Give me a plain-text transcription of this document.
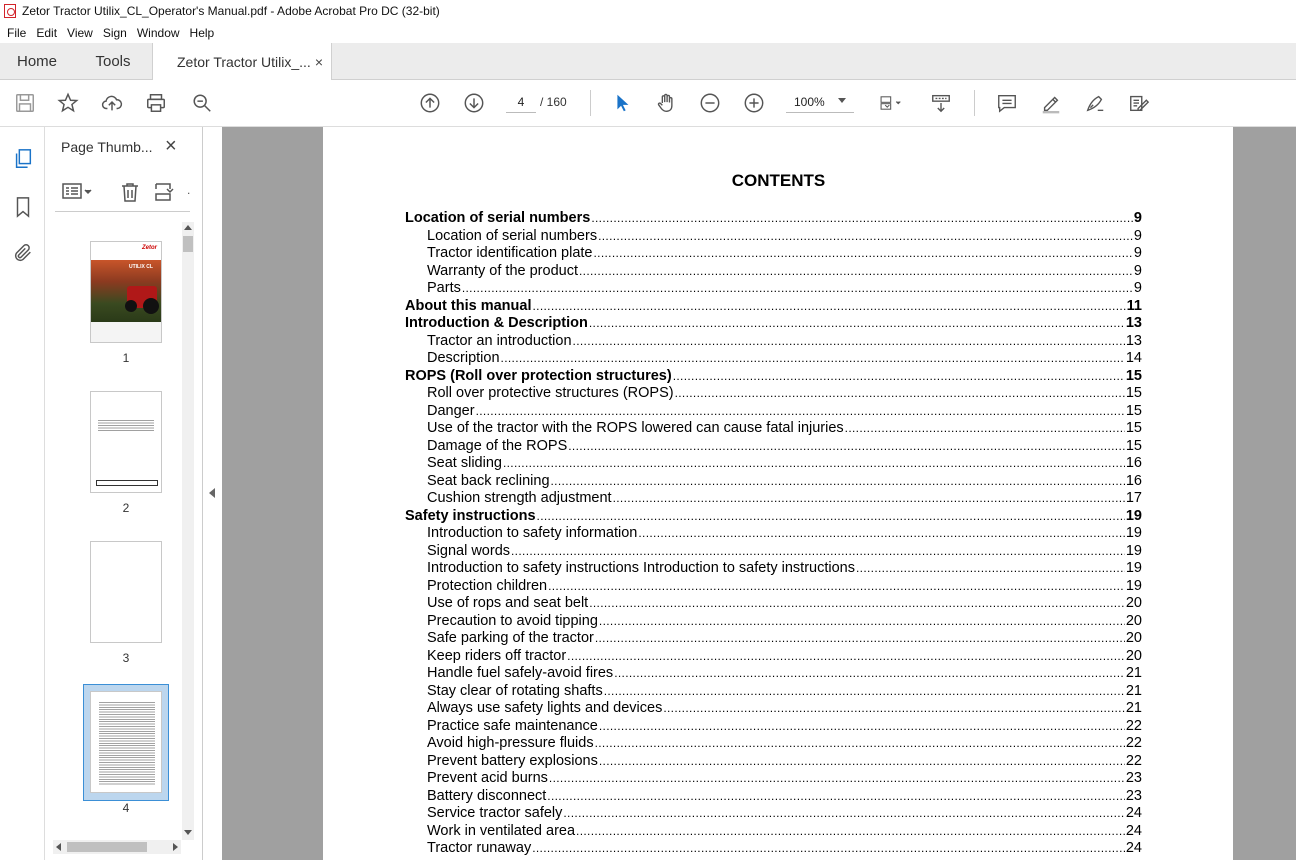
Zetor Tractor Utilix_CL_Operator's Manual.pdf - Adobe Acrobat Pro DC (32-bit)
File Edit View Sign Window Help
Home	Tools	Zetor Tractor Utilix_... ×
4	/ 160	100%
Page Thumb... ×
.
Zetor
UTILIX CL
1
2
3
4
CONTENTS
Location of serial numbers . . .	9
Location of serial numbers . . .	9
Tractor identification plate . . .	9
Warranty of the product . . .	9
Parts . . .	9
About this manual . . .	11
Introduction & Description . . .	13
Tractor an introduction . . .	13
Description . . .	14
ROPS (Roll over protection structures) . . .	15
Roll over protective structures (ROPS) . . .	15
Danger . . .	15
Use of the tractor with the ROPS lowered can cause fatal injuries . . .	15
Damage of the ROPS . . .	15
Seat sliding . . .	16
Seat back reclining . . .	16
Cushion strength adjustment . . .	17
Safety instructions . . .	19
Introduction to safety information . . .	19
Signal words . . .	19
Introduction to safety instructions Introduction to safety instructions . . .	19
Protection children . . .	19
Use of rops and seat belt . . .	20
Precaution to avoid tipping . . .	20
Safe parking of the tractor . . .	20
Keep riders off tractor . . .	20
Handle fuel safely-avoid fires . . .	21
Stay clear of rotating shafts . . .	21
Always use safety lights and devices . . .	21
Practice safe maintenance . . .	22
Avoid high-pressure fluids . . .	22
Prevent battery explosions . . .	22
Prevent acid burns . . .	23
Battery disconnect . . .	23
Service tractor safely . . .	24
Work in ventilated area . . .	24
Tractor runaway . . .	24
